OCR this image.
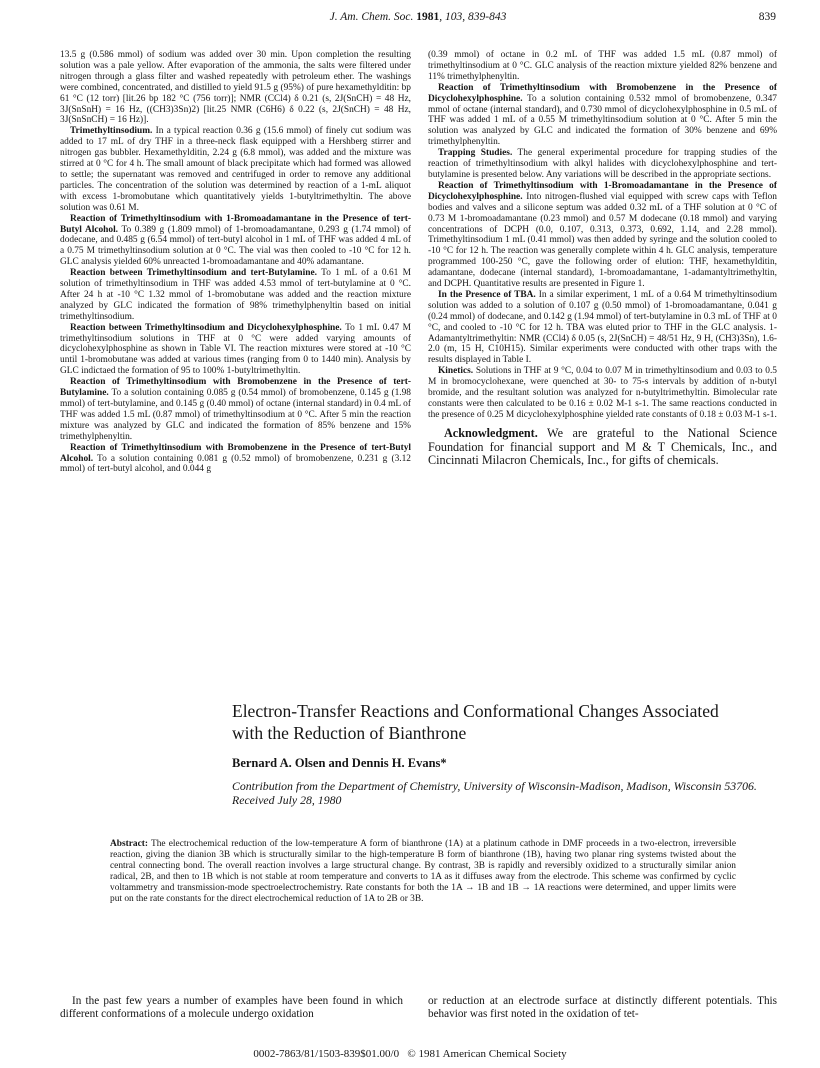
J. Am. Chem. Soc. 1981, 103, 839-843	839

13.5 g (0.586 mmol) of sodium was added over 30 min. Upon completion the resulting solution was a pale yellow. After evaporation of the ammonia, the salts were filtered under nitrogen through a glass filter and washed repeatedly with petroleum ether. The washings were combined, concentrated, and distilled to yield 91.5 g (95%) of pure hexamethylditin: bp 61 °C (12 torr) [lit.26 bp 182 °C (756 torr)]; NMR (CCl4) δ 0.21 (s, 2J(SnCH) = 48 Hz, 3J(SnSnH) = 16 Hz, ((CH3)3Sn)2) [lit.25 NMR (C6H6) δ 0.22 (s, 2J(SnCH) = 48 Hz, 3J(SnSnCH) = 16 Hz)].

Trimethyltinsodium. In a typical reaction 0.36 g (15.6 mmol) of finely cut sodium was added to 17 mL of dry THF in a three-neck flask equipped with a Hershberg stirrer and nitrogen gas bubbler. Hexamethylditin, 2.24 g (6.8 mmol), was added and the mixture was stirred at 0 °C for 4 h. The small amount of black precipitate which had formed was allowed to settle; the supernatant was removed and centrifuged in order to remove any additional particles. The concentration of the solution was determined by reaction of a 1-mL aliquot with excess 1-bromobutane which quantitatively yields 1-butyltrimethyltin. The above solution was 0.61 M.

Reaction of Trimethyltinsodium with 1-Bromoadamantane in the Presence of tert-Butyl Alcohol. To 0.389 g (1.809 mmol) of 1-bromoadamantane, 0.293 g (1.74 mmol) of dodecane, and 0.485 g (6.54 mmol) of tert-butyl alcohol in 1 mL of THF was added 4 mL of a 0.75 M trimethyltinsodium solution at 0 °C. The vial was then cooled to -10 °C for 12 h. GLC analysis yielded 60% unreacted 1-bromoadamantane and 40% adamantane.

Reaction between Trimethyltinsodium and tert-Butylamine. To 1 mL of a 0.61 M solution of trimethyltinsodium in THF was added 4.53 mmol of tert-butylamine at 0 °C. After 24 h at -10 °C 1.32 mmol of 1-bromobutane was added and the reaction mixture analyzed by GLC indicated the formation of 98% trimethylphenyltin based on initial trimethyltinsodium.

Reaction between Trimethyltinsodium and Dicyclohexylphosphine. To 1 mL 0.47 M trimethyltinsodium solutions in THF at 0 °C were added varying amounts of dicyclohexylphosphine as shown in Table VI. The reaction mixtures were stored at -10 °C until 1-bromobutane was added at various times (ranging from 0 to 1440 min). Analysis by GLC indictaed the formation of 95 to 100% 1-butyltrimethyltin.

Reaction of Trimethyltinsodium with Bromobenzene in the Presence of tert-Butylamine. To a solution containing 0.085 g (0.54 mmol) of bromobenzene, 0.145 g (1.98 mmol) of tert-butylamine, and 0.145 g (0.40 mmol) of octane (internal standard) in 0.4 mL of THF was added 1.5 mL (0.87 mmol) of trimethyltinsodium at 0 °C. After 5 min the reaction mixture was analyzed by GLC and indicated the formation of 85% benzene and 15% trimethylphenyltin.

Reaction of Trimethyltinsodium with Bromobenzene in the Presence of tert-Butyl Alcohol. To a solution containing 0.081 g (0.52 mmol) of bromobenzene, 0.231 g (3.12 mmol) of tert-butyl alcohol, and 0.044 g

(0.39 mmol) of octane in 0.2 mL of THF was added 1.5 mL (0.87 mmol) of trimethyltinsodium at 0 °C. GLC analysis of the reaction mixture yielded 82% benzene and 11% trimethylphenyltin.

Reaction of Trimethyltinsodium with Bromobenzene in the Presence of Dicyclohexylphosphine. To a solution containing 0.532 mmol of bromobenzene, 0.347 mmol of octane (internal standard), and 0.730 mmol of dicyclohexylphosphine in 0.5 mL of THF was added 1 mL of a 0.55 M trimethyltinsodium solution at 0 °C. After 5 min the solution was analyzed by GLC and indicated the formation of 30% benzene and 69% trimethylphenyltin.

Trapping Studies. The general experimental procedure for trapping studies of the reaction of trimethyltinsodium with alkyl halides with dicyclohexylphosphine and tert-butylamine is presented below. Any variations will be described in the appropriate sections.

Reaction of Trimethyltinsodium with 1-Bromoadamantane in the Presence of Dicyclohexylphosphine. Into nitrogen-flushed vial equipped with screw caps with Teflon bodies and valves and a silicone septum was added 0.32 mL of a THF solution at 0 °C of 0.73 M 1-bromoadamantane (0.23 mmol) and 0.57 M dodecane (0.18 mmol) and varying concentrations of DCPH (0.0, 0.107, 0.313, 0.373, 0.692, 1.14, and 2.28 mmol). Trimethyltinsodium 1 mL (0.41 mmol) was then added by syringe and the solution cooled to -10 °C for 12 h. The reaction was generally complete within 4 h. GLC analysis, temperature programmed 100-250 °C, gave the following order of elution: THF, hexamethylditin, adamantane, dodecane (internal standard), 1-bromoadamantane, 1-adamantyltrimethyltin, and DCPH. Quantitative results are presented in Figure 1.

In the Presence of TBA. In a similar experiment, 1 mL of a 0.64 M trimethyltinsodium solution was added to a solution of 0.107 g (0.50 mmol) of 1-bromoadamantane, 0.041 g (0.24 mmol) of dodecane, and 0.142 g (1.94 mmol) of tert-butylamine in 0.3 mL of THF at 0 °C, and cooled to -10 °C for 12 h. TBA was eluted prior to THF in the GLC analysis. 1-Adamantyltrimethyltin: NMR (CCl4) δ 0.05 (s, 2J(SnCH) = 48/51 Hz, 9 H, (CH3)3Sn), 1.6-2.0 (m, 15 H, C10H15). Similar experiments were conducted with other traps with the results displayed in Table I.

Kinetics. Solutions in THF at 9 °C, 0.04 to 0.07 M in trimethyltinsodium and 0.03 to 0.5 M in bromocyclohexane, were quenched at 30- to 75-s intervals by addition of n-butyl bromide, and the resultant solution was analyzed for n-butyltrimethyltin. Bimolecular rate constants were then calculated to be 0.16 ± 0.02 M-1 s-1. The same reactions conducted in the presence of 0.25 M dicyclohexylphosphine yielded rate constants of 0.18 ± 0.03 M-1 s-1.

Acknowledgment. We are grateful to the National Science Foundation for financial support and M & T Chemicals, Inc., and Cincinnati Milacron Chemicals, Inc., for gifts of chemicals.

Electron-Transfer Reactions and Conformational Changes Associated with the Reduction of Bianthrone
Bernard A. Olsen and Dennis H. Evans*
Contribution from the Department of Chemistry, University of Wisconsin-Madison, Madison, Wisconsin 53706. Received July 28, 1980
Abstract: The electrochemical reduction of the low-temperature A form of bianthrone (1A) at a platinum cathode in DMF proceeds in a two-electron, irreversible reaction, giving the dianion 3B which is structurally similar to the high-temperature B form of bianthrone (1B), having two planar ring systems twisted about the central connecting bond. The overall reaction involves a large structural change. By contrast, 3B is rapidly and reversibly oxidized to a structurally similar anion radical, 2B, and then to 1B which is not stable at room temperature and converts to 1A as it diffuses away from the electrode. This scheme was confirmed by cyclic voltammetry and transmission-mode spectroelectrochemistry. Rate constants for both the 1A → 1B and 1B → 1A reactions were determined, and upper limits were put on the rate constants for the direct electrochemical reduction of 1A to 2B or 3B.
In the past few years a number of examples have been found in which different conformations of a molecule undergo oxidation
or reduction at an electrode surface at distinctly different potentials. This behavior was first noted in the oxidation of tet-
0002-7863/81/1503-839$01.00/0 © 1981 American Chemical Society
